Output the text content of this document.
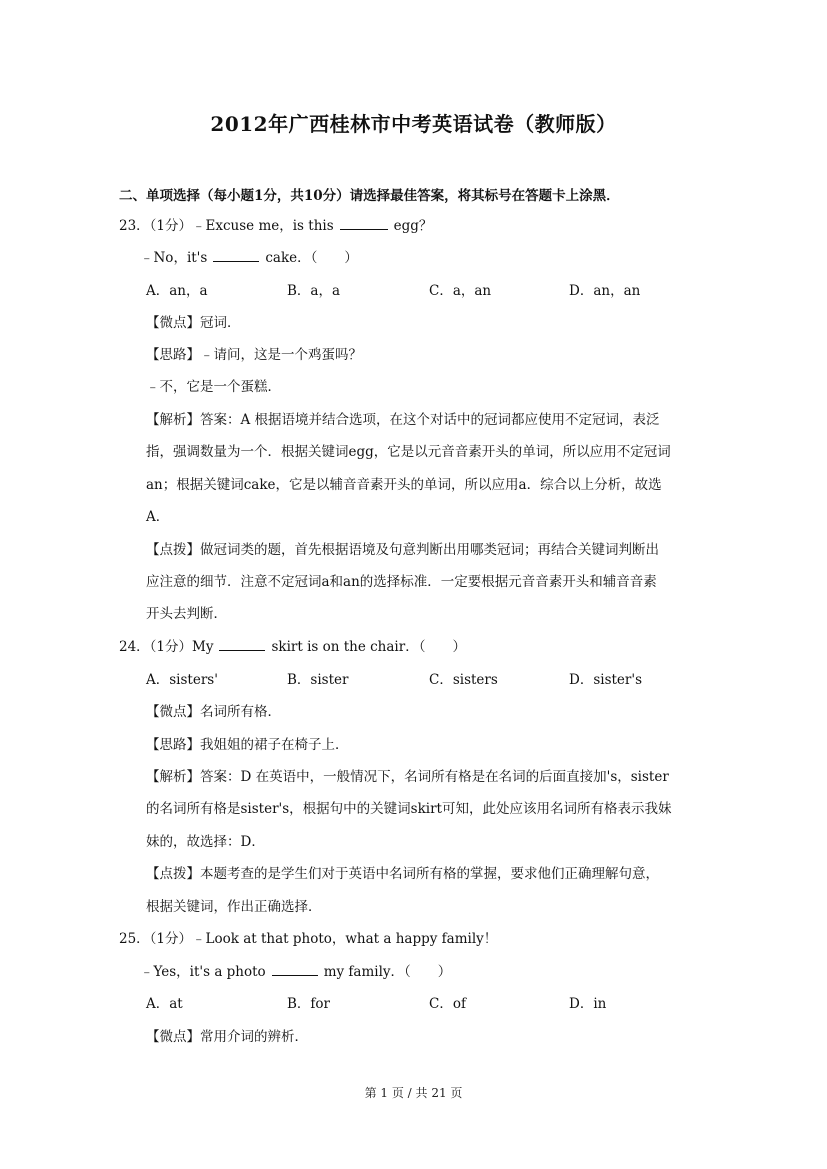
2012年广西桂林市中考英语试卷（教师版）
二、单项选择（每小题1分，共10分）请选择最佳答案，将其标号在答题卡上涂黑．
23．（1分）﹣Excuse me，is this	egg？
﹣No，it's	cake．（　　）
A．an，a	B．a，a	C．a，an	D．an，an
【微点】冠词．
【思路】﹣请问，这是一个鸡蛋吗？
﹣不，它是一个蛋糕．
【解析】答案：A 根据语境并结合选项，在这个对话中的冠词都应使用不定冠词，表泛
指，强调数量为一个．根据关键词egg，它是以元音音素开头的单词，所以应用不定冠词
an；根据关键词cake，它是以辅音音素开头的单词，所以应用a．综合以上分析，故选
A．
【点拨】做冠词类的题，首先根据语境及句意判断出用哪类冠词；再结合关键词判断出
应注意的细节．注意不定冠词a和an的选择标准．一定要根据元音音素开头和辅音音素
开头去判断．
24．（1分）My	skirt is on the chair．（　　）
A．sisters'	B．sister	C．sisters	D．sister's
【微点】名词所有格．
【思路】我姐姐的裙子在椅子上．
【解析】答案：D 在英语中，一般情况下，名词所有格是在名词的后面直接加's，sister
的名词所有格是sister's，根据句中的关键词skirt可知，此处应该用名词所有格表示我妹
妹的，故选择：D．
【点拨】本题考查的是学生们对于英语中名词所有格的掌握，要求他们正确理解句意，
根据关键词，作出正确选择．
25．（1分）﹣Look at that photo，what a happy family！
﹣Yes，it's a photo	my family．（　　）
A．at	B．for	C．of	D．in
【微点】常用介词的辨析．
第 1 页 / 共 21 页
